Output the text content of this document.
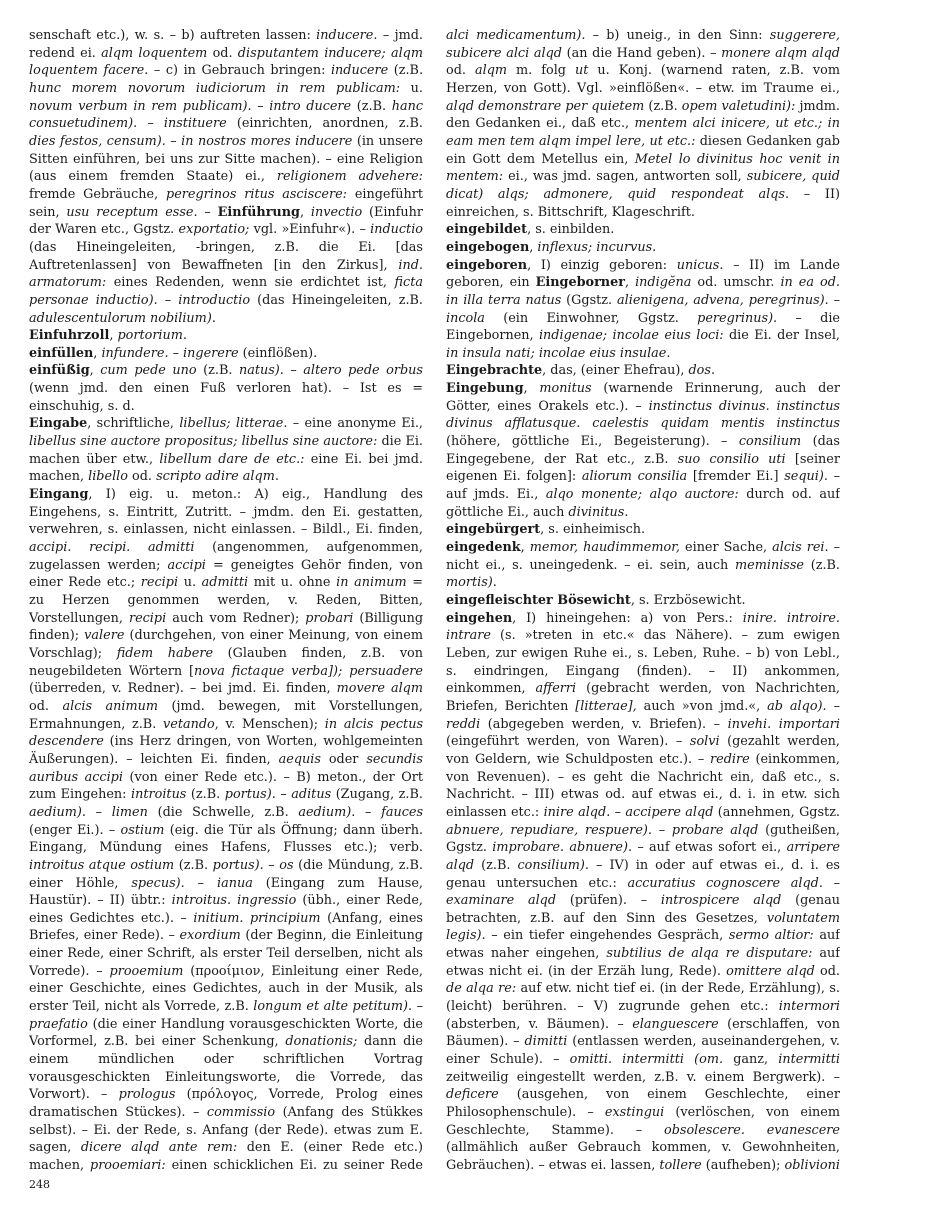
senschaft etc.), w. s. – b) auftreten lassen: inducere. – jmd. redend ei. alqm loquentem od. disputantem inducere; alqm loquentem facere. – c) in Gebrauch bringen: inducere (z.B. hunc morem novorum iudiciorum in rem publicam: u. novum verbum in rem publicam). – intro ducere (z.B. hanc consuetudinem). – instituere (einrichten, anordnen, z.B. dies festos, censum). – in nostros mores inducere (in unsere Sitten einführen, bei uns zur Sitte machen). – eine Religion (aus einem fremden Staate) ei., religionem advehere: fremde Gebräuche, peregrinos ritus asciscere: eingeführt sein, usu receptum esse. – Einführung, invectio (Einfuhr der Waren etc., Ggstz. exportatio; vgl. »Einfuhr«). – inductio (das Hineingeleiten, -bringen, z.B. die Ei. [das Auftretenlassen] von Bewaffneten [in den Zirkus], ind. armatorum: eines Redenden, wenn sie erdichtet ist, ficta personae inductio). – introductio (das Hineingeleiten, z.B. adulescentulorum nobilium).

Einfuhrzoll, portorium.

einfüllen, infundere. – ingerere (einflößen).

einfüßig, cum pede uno (z.B. natus). – altero pede orbus (wenn jmd. den einen Fuß verloren hat). – Ist es = einschuhig, s. d.

Eingabe, schriftliche, libellus; litterae. – eine anonyme Ei., libellus sine auctore propositus; libellus sine auctore: die Ei. machen über etw., libellum dare de etc.: eine Ei. bei jmd. machen, libello od. scripto adire alqm.

Eingang, I) eig. u. meton.: A) eig., Handlung des Eingehens, s. Eintritt, Zutritt. – jmdm. den Ei. gestatten, verwehren, s. einlassen, nicht einlassen. – Bildl., Ei. finden, accipi. recipi. admitti (angenommen, aufgenommen, zugelassen werden; accipi = geneigtes Gehör finden, von einer Rede etc.; recipi u. admitti mit u. ohne in animum = zu Herzen genommen werden, v. Reden, Bitten, Vorstellungen, recipi auch vom Redner); probari (Billigung finden); valere (durchgehen, von einer Meinung, von einem Vorschlag); fidem habere (Glauben finden, z.B. von neugebildeten Wörtern [nova fictaque verba]); persuadere (überreden, v. Redner). – bei jmd. Ei. finden, movere alqm od. alcis animum (jmd. bewegen, mit Vorstellungen, Ermahnungen, z.B. vetando, v. Menschen); in alcis pectus descendere (ins Herz dringen, von Worten, wohlgemeinten Äußerungen). – leichten Ei. finden, aequis oder secundis auribus accipi (von einer Rede etc.). – B) meton., der Ort zum Eingehen: introitus (z.B. portus). – aditus (Zugang, z.B. aedium). – limen (die Schwelle, z.B. aedium). – fauces (enger Ei.). – ostium (eig. die Tür als Öffnung; dann überh. Eingang, Mündung eines Hafens, Flusses etc.); verb. introitus atque ostium (z.B. portus). – os (die Mündung, z.B. einer Höhle, specus). – ianua (Eingang zum Hause, Haustür). – II) übtr.: introitus. ingressio (übh., einer Rede, eines Gedichtes etc.). – initium. principium (Anfang, eines Briefes, einer Rede). – exordium (der Beginn, die Einleitung einer Rede, einer Schrift, als erster Teil derselben, nicht als Vorrede). – prooemium (προοίμιον, Einleitung einer Rede, einer Geschichte, eines Gedichtes, auch in der Musik, als erster Teil, nicht als Vorrede, z.B. longum et alte petitum). – praefatio (die einer Handlung vorausgeschickten Worte, die Vorformel, z.B. bei einer Schenkung, donationis; dann die einem mündlichen oder schriftlichen Vortrag vorausgeschickten Einleitungsworte, die Vorrede, das Vorwort). – prologus (πρόλογος, Vorrede, Prolog eines dramatischen Stückes). – commissio (Anfang des Stükkes selbst). – Ei. der Rede, s. Anfang (der Rede). etwas zum E. sagen, dicere alqd ante rem: den E. (einer Rede etc.) machen, prooemiari: einen schicklichen Ei. zu seiner Rede

alci medicamentum). – b) uneig., in den Sinn: suggerere, subicere alci alqd (an die Hand geben). – monere alqm alqd od. alqm m. folg ut u. Konj. (warnend raten, z.B. vom Herzen, von Gott). Vgl. »einflößen«. – etw. im Traume ei., alqd demonstrare per quietem (z.B. opem valetudini): jmdm. den Gedanken ei., daß etc., mentem alci inicere, ut etc.; in eam men tem alqm impel lere, ut etc.: diesen Gedanken gab ein Gott dem Metellus ein, Metel lo divinitus hoc venit in mentem: ei., was jmd. sagen, antworten soll, subicere, quid dicat) alqs; admonere, quid respondeat alqs. – II) einreichen, s. Bittschrift, Klageschrift.

eingebildet, s. einbilden.

eingebogen, inflexus; incurvus.

eingeboren, I) einzig geboren: unicus. – II) im Lande geboren, ein Eingeborner, indigĕna od. umschr. in ea od. in illa terra natus (Ggstz. alienigena, advena, peregrinus). – incola (ein Einwohner, Ggstz. peregrinus). – die Eingebornen, indigenae; incolae eius loci: die Ei. der Insel, in insula nati; incolae eius insulae.

Eingebrachte, das, (einer Ehefrau), dos.

Eingebung, monitus (warnende Erinnerung, auch der Götter, eines Orakels etc.). – instinctus divinus. instinctus divinus afflatusque. caelestis quidam mentis instinctus (höhere, göttliche Ei., Begeisterung). – consilium (das Eingegebene, der Rat etc., z.B. suo consilio uti [seiner eigenen Ei. folgen]: aliorum consilia [fremder Ei.] sequi). – auf jmds. Ei., alqo monente; alqo auctore: durch od. auf göttliche Ei., auch divinitus.

eingebürgert, s. einheimisch.

eingedenk, memor, haudimmemor, einer Sache, alcis rei. – nicht ei., s. uneingedenk. – ei. sein, auch meminisse (z.B. mortis).

eingefleischter Bösewicht, s. Erzbösewicht.

eingehen, I) hineingehen: a) von Pers.: inire. introire. intrare (s. »treten in etc.« das Nähere). – zum ewigen Leben, zur ewigen Ruhe ei., s. Leben, Ruhe. – b) von Lebl., s. eindringen, Eingang (finden). – II) ankommen, einkommen, afferri (gebracht werden, von Nachrichten, Briefen, Berichten [litterae], auch »von jmd.«, ab alqo). – reddi (abgegeben werden, v. Briefen). – invehi. importari (eingeführt werden, von Waren). – solvi (gezahlt werden, von Geldern, wie Schuldposten etc.). – redire (einkommen, von Revenuen). – es geht die Nachricht ein, daß etc., s. Nachricht. – III) etwas od. auf etwas ei., d. i. in etw. sich einlassen etc.: inire alqd. – accipere alqd (annehmen, Ggstz. abnuere, repudiare, respuere). – probare alqd (gutheißen, Ggstz. improbare. abnuere). – auf etwas sofort ei., arripere alqd (z.B. consilium). – IV) in oder auf etwas ei., d. i. es genau untersuchen etc.: accuratius cognoscere alqd. – examinare alqd (prüfen). – introspicere alqd (genau betrachten, z.B. auf den Sinn des Gesetzes, voluntatem legis). – ein tiefer eingehendes Gespräch, sermo altior: auf etwas naher eingehen, subtilius de alqa re disputare: auf etwas nicht ei. (in der Erzäh lung, Rede). omittere alqd od. de alqa re: auf etw. nicht tief ei. (in der Rede, Erzählung), s. (leicht) berühren. – V) zugrunde gehen etc.: intermori (absterben, v. Bäumen). – elanguescere (erschlaffen, von Bäumen). – dimitti (entlassen werden, auseinandergehen, v. einer Schule). – omitti. intermitti (om. ganz, intermitti zeitweilig eingestellt werden, z.B. v. einem Bergwerk). – deficere (ausgehen, von einem Geschlechte, einer Philosophenschule). – exstingui (verlöschen, von einem Geschlechte, Stamme). – obsolescere. evanescere (allmählich außer Gebrauch kommen, v. Gewohnheiten, Gebräuchen). – etwas ei. lassen, tollere (aufheben); oblivioni

248
